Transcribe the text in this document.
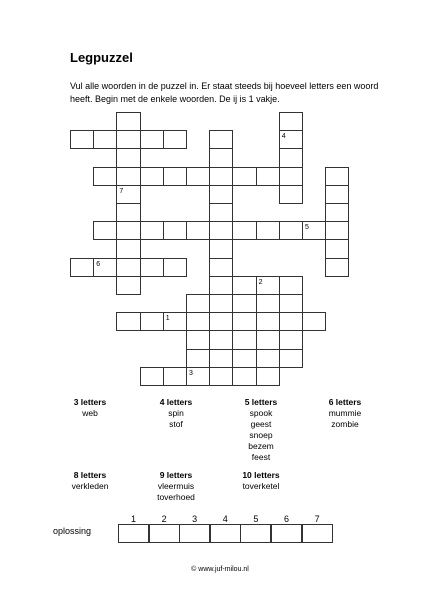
Legpuzzel

Vul alle woorden in de puzzel in. Er staat steeds bij hoeveel letters een woord heeft. Begin met de enkele woorden. De ij is 1 vakje.

1
2
3
4
5
6
7
3 letters
web
4 letters
spin
stof
5 letters
spook
geest
snoep
bezem
feest
6 letters
mummie
zombie
8 letters
verkleden
9 letters
vleermuis
toverhoed
10 letters
toverketel
oplossing
1	2	3	4	5	6	7
© www.juf-milou.nl
